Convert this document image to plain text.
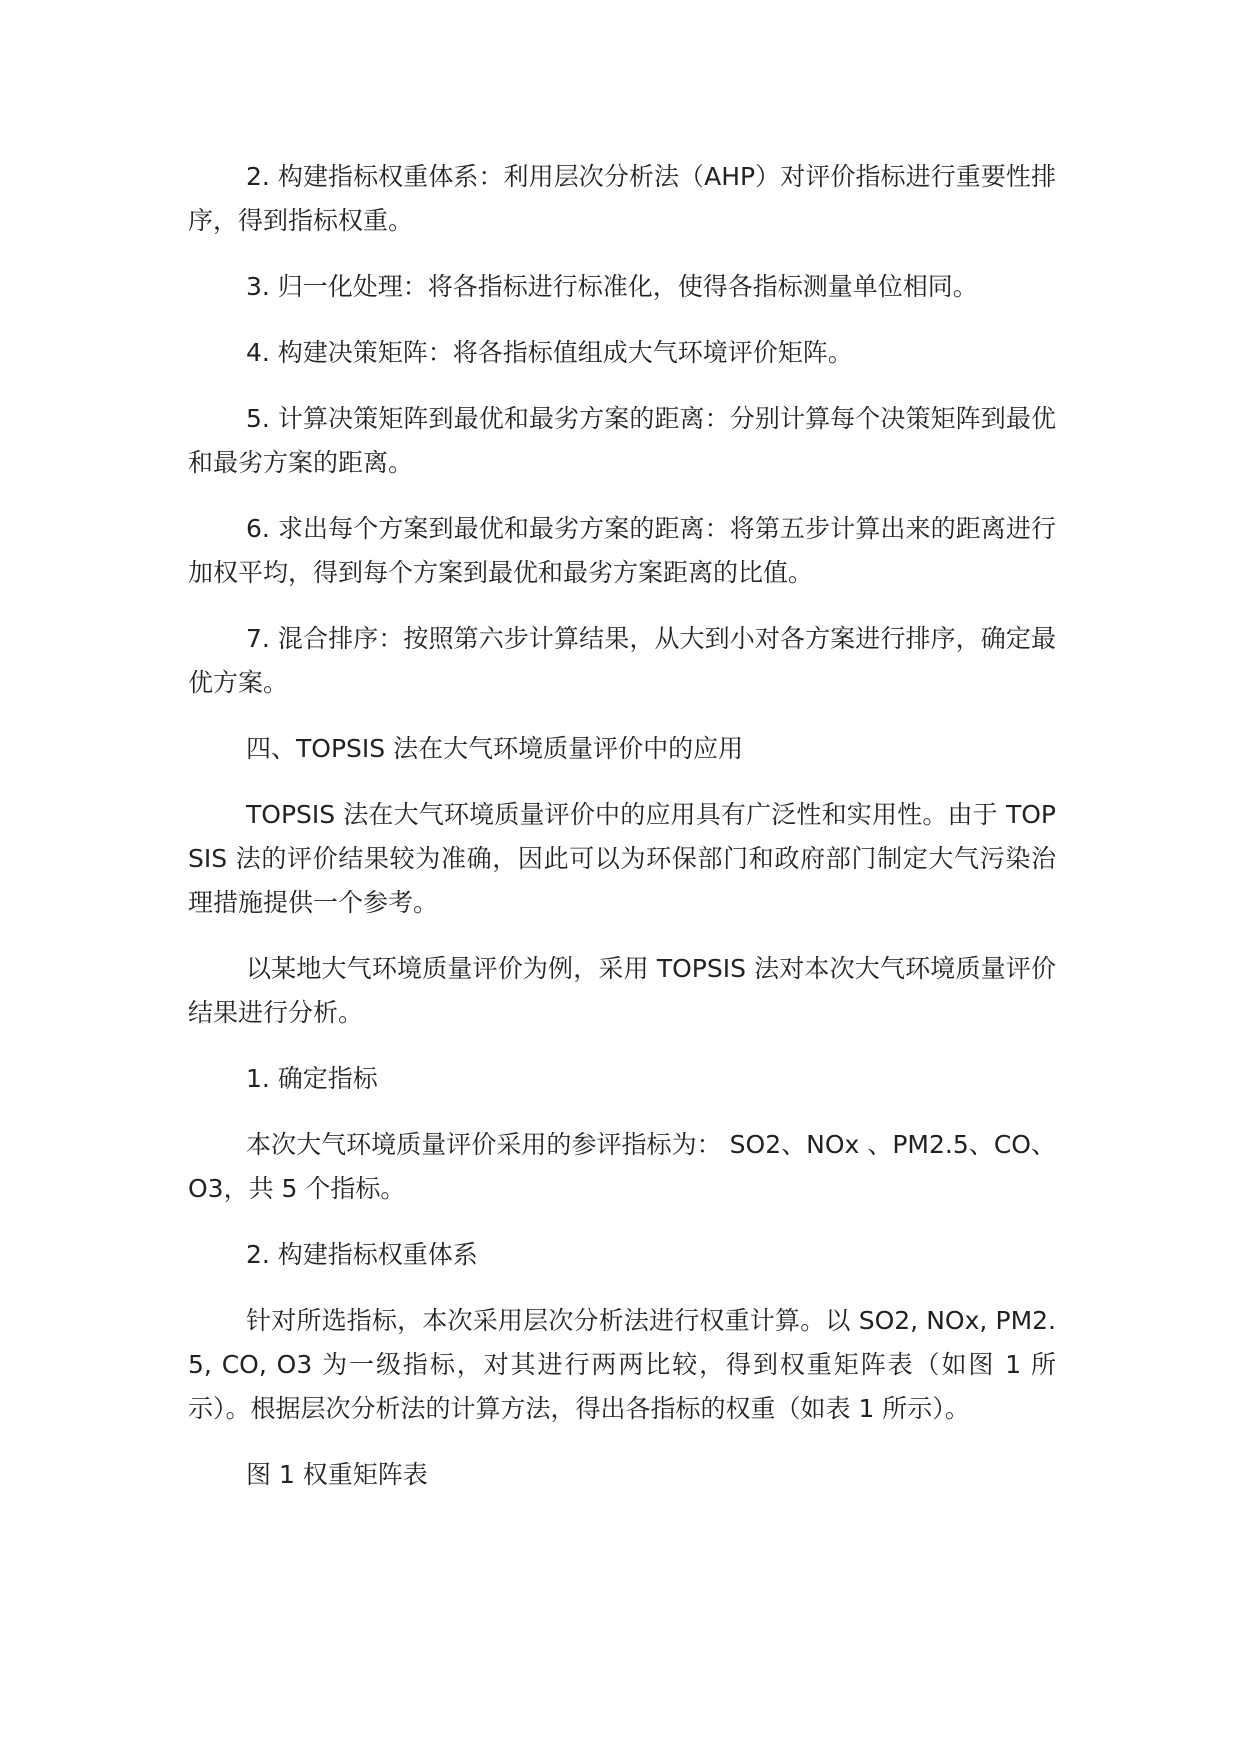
2. 构建指标权重体系：利用层次分析法（AHP）对评价指标进行重要性排序，得到指标权重。

3. 归一化处理：将各指标进行标准化，使得各指标测量单位相同。

4. 构建决策矩阵：将各指标值组成大气环境评价矩阵。

5. 计算决策矩阵到最优和最劣方案的距离：分别计算每个决策矩阵到最优和最劣方案的距离。

6. 求出每个方案到最优和最劣方案的距离：将第五步计算出来的距离进行加权平均，得到每个方案到最优和最劣方案距离的比值。

7. 混合排序：按照第六步计算结果，从大到小对各方案进行排序，确定最优方案。

四、TOPSIS 法在大气环境质量评价中的应用

TOPSIS 法在大气环境质量评价中的应用具有广泛性和实用性。由于 TOPSIS 法的评价结果较为准确，因此可以为环保部门和政府部门制定大气污染治理措施提供一个参考。

以某地大气环境质量评价为例，采用 TOPSIS 法对本次大气环境质量评价结果进行分析。

1. 确定指标

本次大气环境质量评价采用的参评指标为： SO2、NOx 、PM2.5、CO、O3，共 5 个指标。

2. 构建指标权重体系

针对所选指标，本次采用层次分析法进行权重计算。以 SO2, NOx, PM2.5, CO, O3 为一级指标，对其进行两两比较，得到权重矩阵表（如图 1 所示）。根据层次分析法的计算方法，得出各指标的权重（如表 1 所示）。

图 1 权重矩阵表
